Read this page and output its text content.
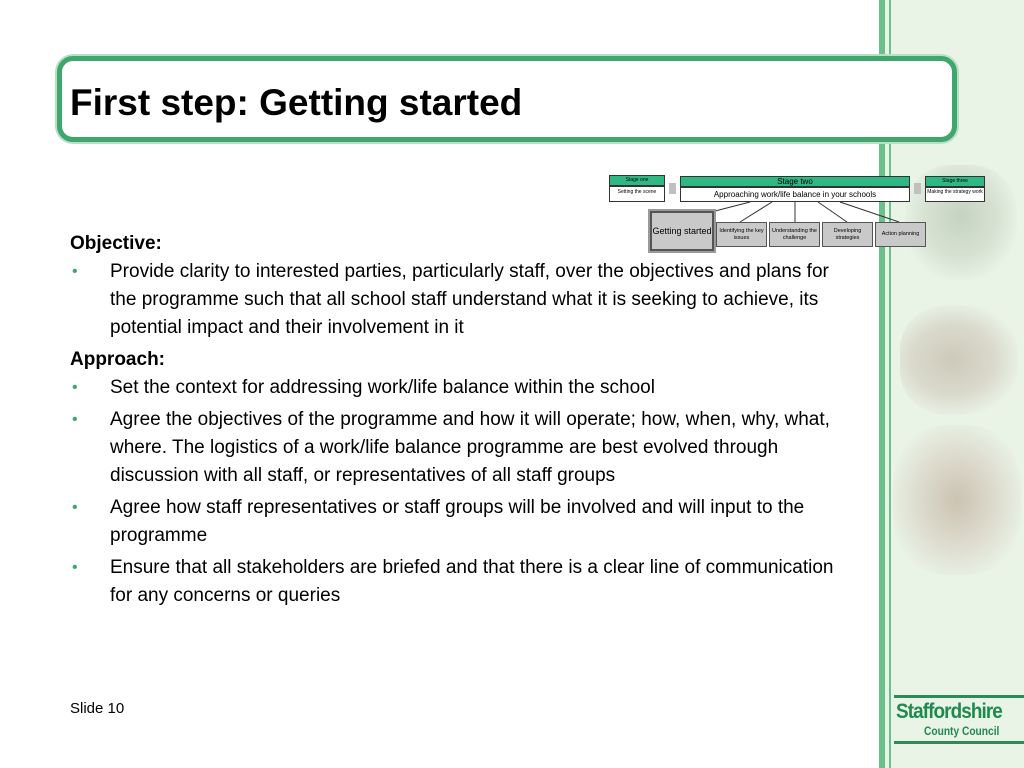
First step: Getting started
Stage one
Setting the scene
Stage two
Approaching work/life balance in your schools
Stage three
Making the strategy work
Getting started	Identifying the key issues
Understanding the challenge
Developing strategies
Action planning

Objective:

• Provide clarity to interested parties, particularly staff, over the objectives and plans for the programme such that all school staff understand what it is seeking to achieve, its potential impact and their involvement in it

Approach:

• Set the context for addressing work/life balance within the school

• Agree the objectives of the programme and how it will operate; how, when, why, what, where. The logistics of a work/life balance programme are best evolved through discussion with all staff, or representatives of all staff groups

• Agree how staff representatives or staff groups will be involved and will input to the programme

• Ensure that all stakeholders are briefed and that there is a clear line of communication for any concerns or queries

Slide 10	Staffordshire
County Council
